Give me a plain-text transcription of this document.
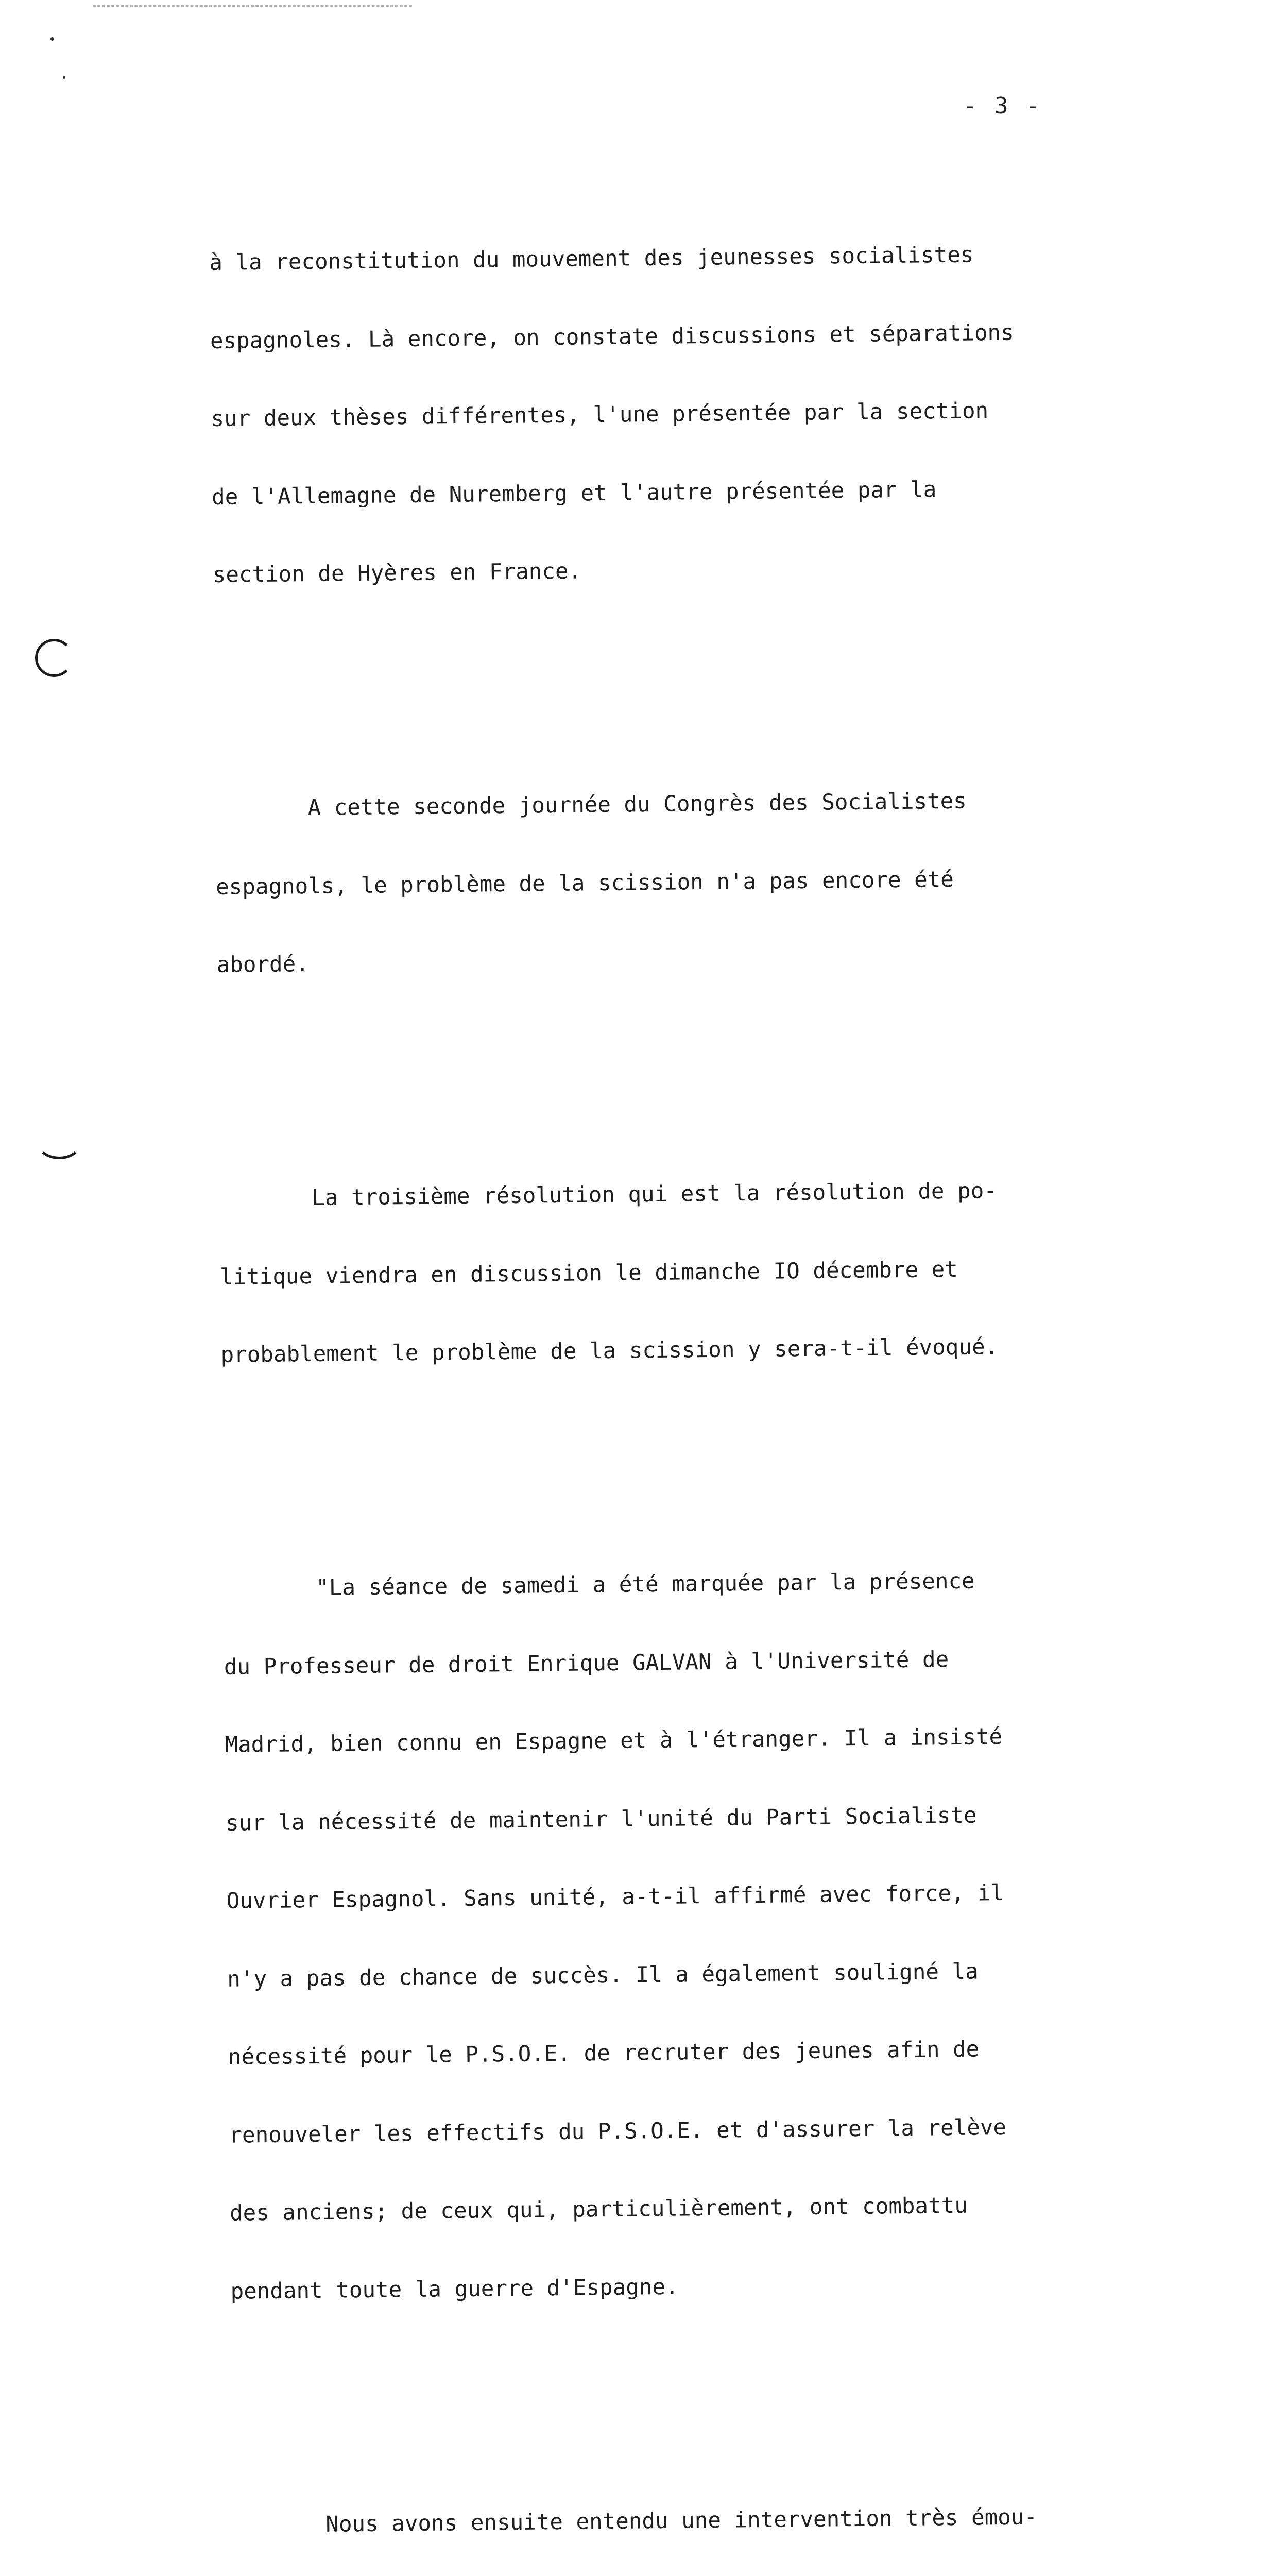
- 3 -

à la reconstitution du mouvement des jeunesses socialistes

espagnoles. Là encore, on constate discussions et séparations

sur deux thèses différentes, l'une présentée par la section

de l'Allemagne de Nuremberg et l'autre présentée par la

section de Hyères en France.

A cette seconde journée du Congrès des Socialistes

espagnols, le problème de la scission n'a pas encore été

abordé.

La troisième résolution qui est la résolution de po-

litique viendra en discussion le dimanche IO décembre et

probablement le problème de la scission y sera-t-il évoqué.

"La séance de samedi a été marquée par la présence

du Professeur de droit Enrique GALVAN à l'Université de

Madrid, bien connu en Espagne et à l'étranger. Il a insisté

sur la nécessité de maintenir l'unité du Parti Socialiste

Ouvrier Espagnol. Sans unité, a-t-il affirmé avec force, il

n'y a pas de chance de succès. Il a également souligné la

nécessité pour le P.S.O.E. de recruter des jeunes afin de

renouveler les effectifs du P.S.O.E. et d'assurer la relève

des anciens; de ceux qui, particulièrement, ont combattu

pendant toute la guerre d'Espagne.

Nous avons ensuite entendu une intervention très émou-
